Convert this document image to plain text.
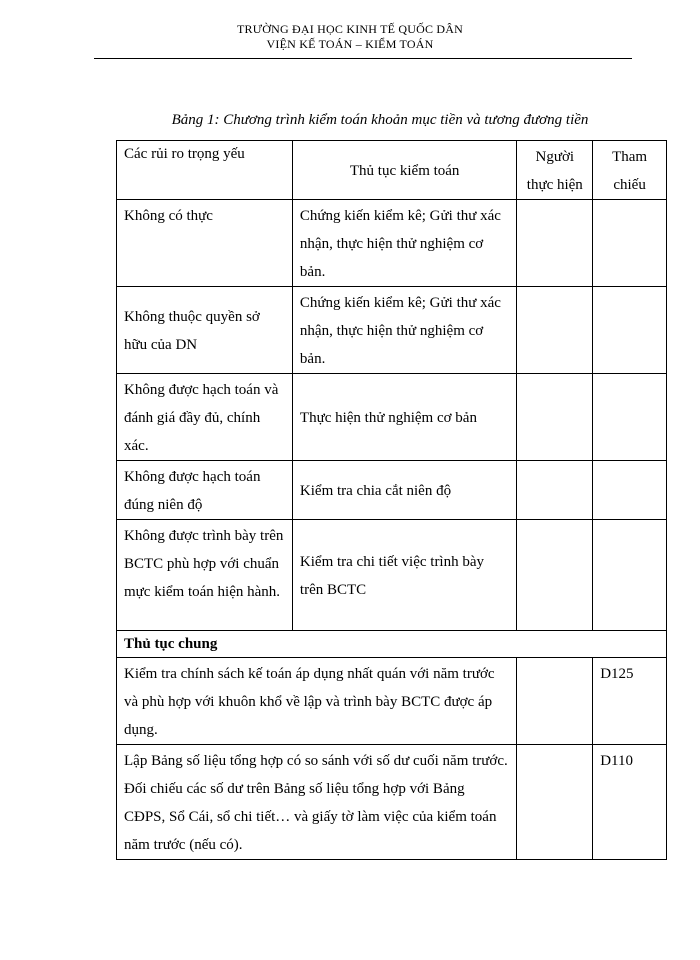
TRƯỜNG ĐẠI HỌC KINH TẾ QUỐC DÂN
VIỆN KẾ TOÁN – KIỂM TOÁN
Bảng 1: Chương trình kiểm toán khoản mục tiền và tương đương tiền
Các rủi ro trọng yếu	Thủ tục kiểm toán	Người thực hiện	Tham chiếu
Không có thực	Chứng kiến kiểm kê; Gửi thư xác nhận, thực hiện thử nghiệm cơ bản.		
Không thuộc quyền sở hữu của DN	Chứng kiến kiểm kê; Gửi thư xác nhận, thực hiện thử nghiệm cơ bản.		
Không được hạch toán và đánh giá đầy đủ, chính xác.	Thực hiện thử nghiệm cơ bản		
Không được hạch toán đúng niên độ	Kiểm tra chia cắt niên độ		
Không được trình bày trên BCTC phù hợp với chuẩn mực kiểm toán hiện hành.	Kiểm tra chi tiết việc trình bày trên BCTC		
Thủ tục chung			
Kiểm tra chính sách kế toán áp dụng nhất quán với năm trước và phù hợp với khuôn khổ về lập và trình bày BCTC được áp dụng.			D125
Lập Bảng số liệu tổng hợp có so sánh với số dư cuối năm trước. Đối chiếu các số dư trên Bảng số liệu tổng hợp với Bảng CĐPS, Sổ Cái, sổ chi tiết… và giấy tờ làm việc của kiểm toán năm trước (nếu có).			D110
